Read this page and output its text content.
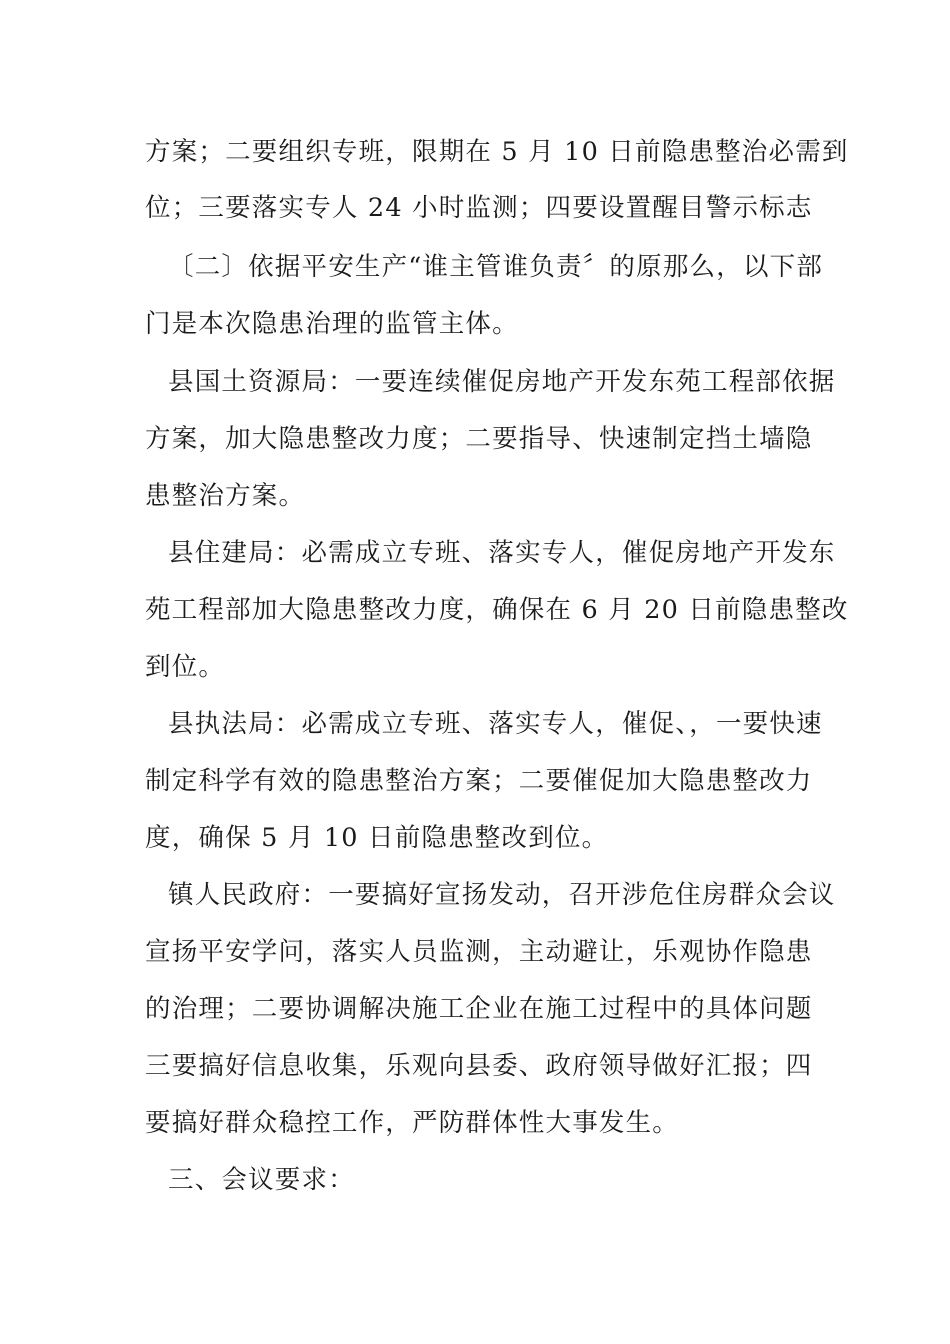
方案；二要组织专班，限期在 5 月 10 日前隐患整治必需到
位；三要落实专人 24 小时监测；四要设置醒目警示标志
〔二〕依据平安生产“谁主管谁负责〞的原那么，以下部
门是本次隐患治理的监管主体。
县国土资源局：一要连续催促房地产开发东苑工程部依据
方案，加大隐患整改力度；二要指导、快速制定挡土墙隐
患整治方案。
县住建局：必需成立专班、落实专人，催促房地产开发东
苑工程部加大隐患整改力度，确保在 6 月 20 日前隐患整改
到位。
县执法局：必需成立专班、落实专人，催促、，一要快速
制定科学有效的隐患整治方案；二要催促加大隐患整改力
度，确保 5 月 10 日前隐患整改到位。
镇人民政府：一要搞好宣扬发动，召开涉危住房群众会议
宣扬平安学问，落实人员监测，主动避让，乐观协作隐患
的治理；二要协调解决施工企业在施工过程中的具体问题
三要搞好信息收集，乐观向县委、政府领导做好汇报；四
要搞好群众稳控工作，严防群体性大事发生。
三、会议要求：
